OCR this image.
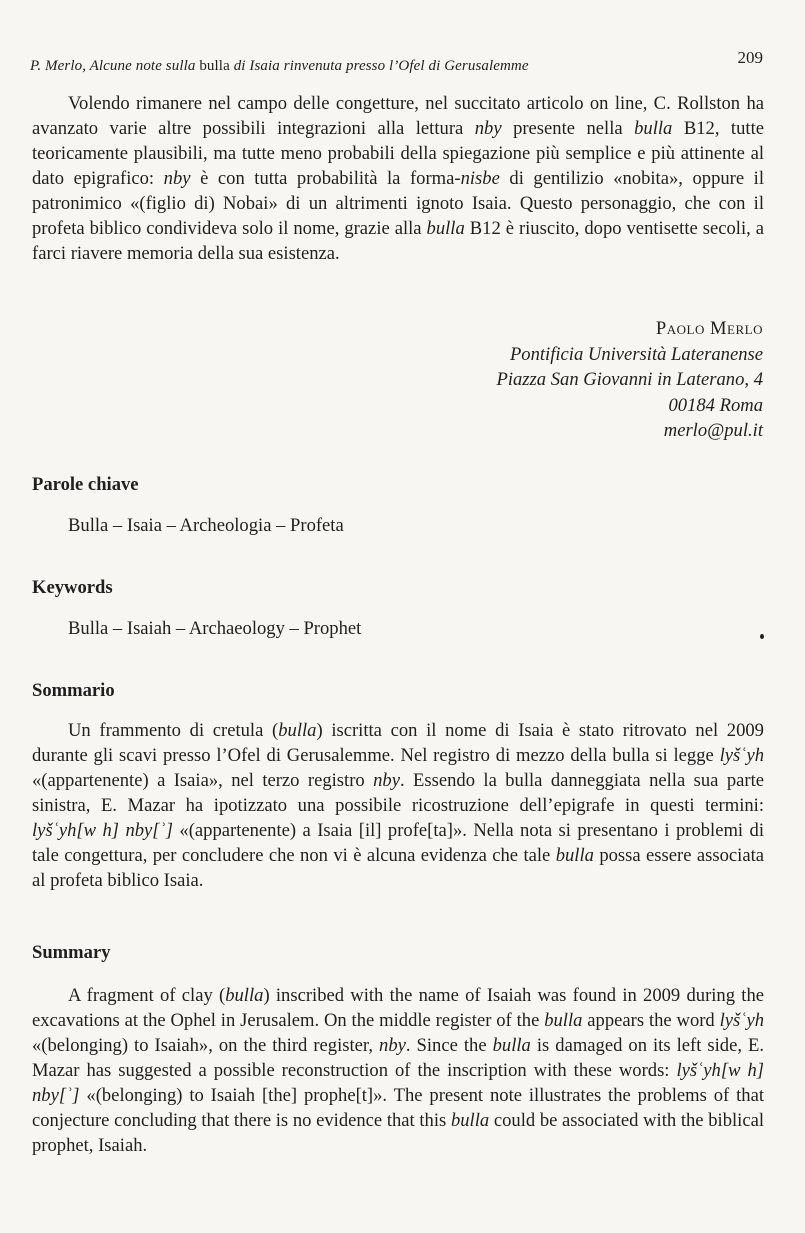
P. Merlo, Alcune note sulla bulla di Isaia rinvenuta presso l’Ofel di Gerusalemme	209

Volendo rimanere nel campo delle congetture, nel succitato articolo on line, C. Rollston ha avanzato varie altre possibili integrazioni alla lettura nby presente nella bulla B12, tutte teoricamente plausibili, ma tutte meno probabili della spiegazione più semplice e più attinente al dato epigrafico: nby è con tutta probabilità la forma-nisbe di gentilizio «nobita», oppure il patronimico «(figlio di) Nobai» di un altrimenti ignoto Isaia. Questo personaggio, che con il profeta biblico condivideva solo il nome, grazie alla bulla B12 è riuscito, dopo ventisette secoli, a farci riavere memoria della sua esistenza.

Paolo Merlo
Pontificia Università Lateranense
Piazza San Giovanni in Laterano, 4
00184 Roma
merlo@pul.it
Parole chiave

Bulla – Isaia – Archeologia – Profeta

Keywords

Bulla – Isaiah – Archaeology – Prophet

Sommario

Un frammento di cretula (bulla) iscritta con il nome di Isaia è stato ritrovato nel 2009 durante gli scavi presso l’Ofel di Gerusalemme. Nel registro di mezzo della bulla si legge lyšʿyh «(appartenente) a Isaia», nel terzo registro nby. Essendo la bulla danneggiata nella sua parte sinistra, E. Mazar ha ipotizzato una possibile ricostruzione dell’epigrafe in questi termini: lyšʿyh[w h] nby[ʾ] «(appartenente) a Isaia [il] profe[ta]». Nella nota si presentano i problemi di tale congettura, per concludere che non vi è alcuna evidenza che tale bulla possa essere associata al profeta biblico Isaia.

Summary

A fragment of clay (bulla) inscribed with the name of Isaiah was found in 2009 during the excavations at the Ophel in Jerusalem. On the middle register of the bulla appears the word lyšʿyh «(belonging) to Isaiah», on the third register, nby. Since the bulla is damaged on its left side, E. Mazar has suggested a possible reconstruction of the inscription with these words: lyšʿyh[w h] nby[ʾ] «(belonging) to Isaiah [the] prophe[t]». The present note illustrates the problems of that conjecture concluding that there is no evidence that this bulla could be associated with the biblical prophet, Isaiah.
